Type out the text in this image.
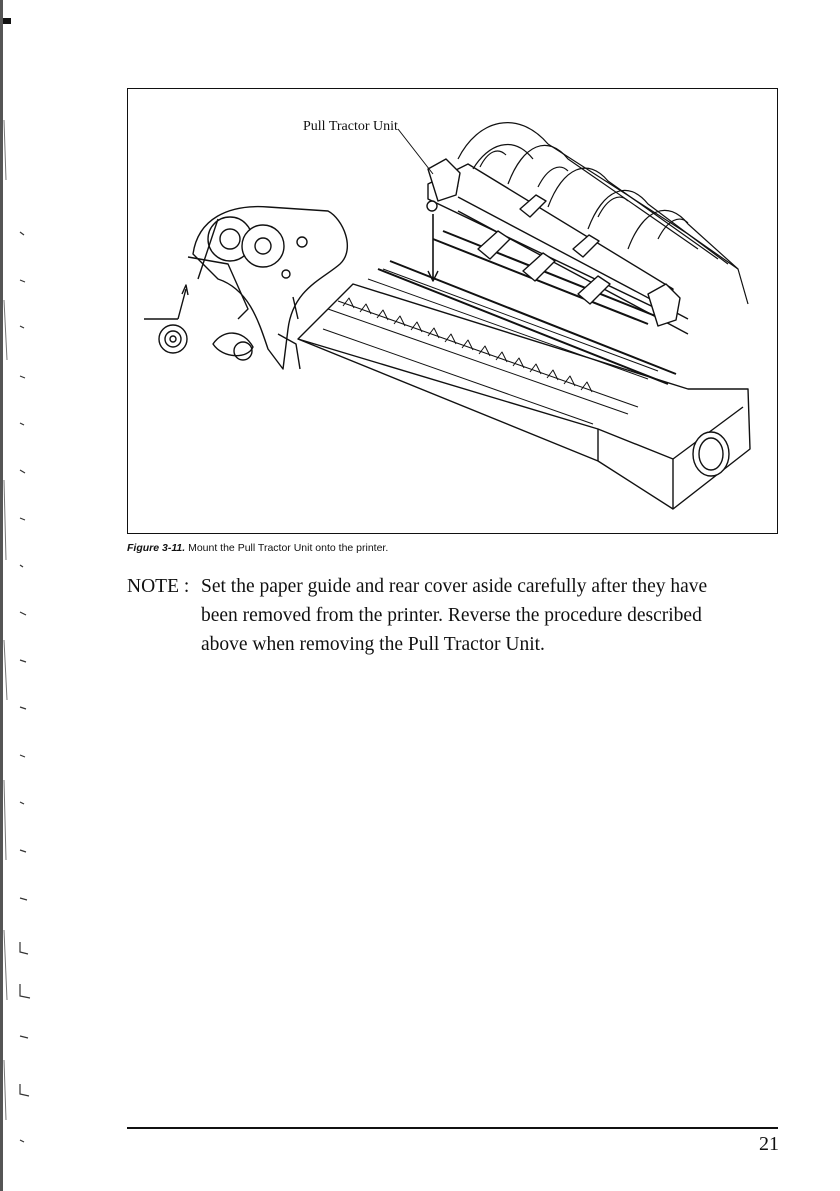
Pull Tractor Unit
Figure 3-11. Mount the Pull Tractor Unit onto the printer.
NOTE : Set the paper guide and rear cover aside carefully after they have
been removed from the printer. Reverse the procedure described
above when removing the Pull Tractor Unit.
21
